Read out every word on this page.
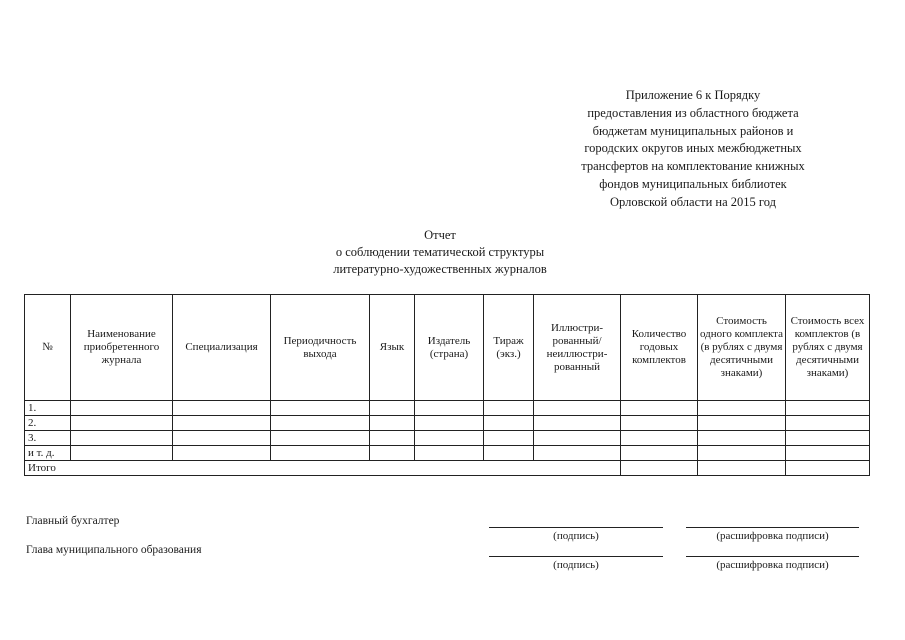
Приложение 6 к Порядку
предоставления из областного бюджета
бюджетам муниципальных районов и
городских округов иных межбюджетных
трансфертов на комплектование книжных
фондов муниципальных библиотек
Орловской области на 2015 год
Отчет
о соблюдении тематической структуры
литературно-художественных журналов
№	Наименование приобретенного журнала	Специализация	Периодичность выхода	Язык	Издатель (страна)	Тираж (экз.)	Иллюстри-рованный/ неиллюстри-рованный	Количество годовых комплектов	Стоимость одного комплекта (в рублях с двумя десятичными знаками)	Стоимость всех комплектов (в рублях с двумя десятичными знаками)
1.										
2.										
3.										
и т. д.										
Итого										
Главный бухгалтер
(подпись)	(расшифровка подписи)
Глава муниципального образования
(подпись)	(расшифровка подписи)
